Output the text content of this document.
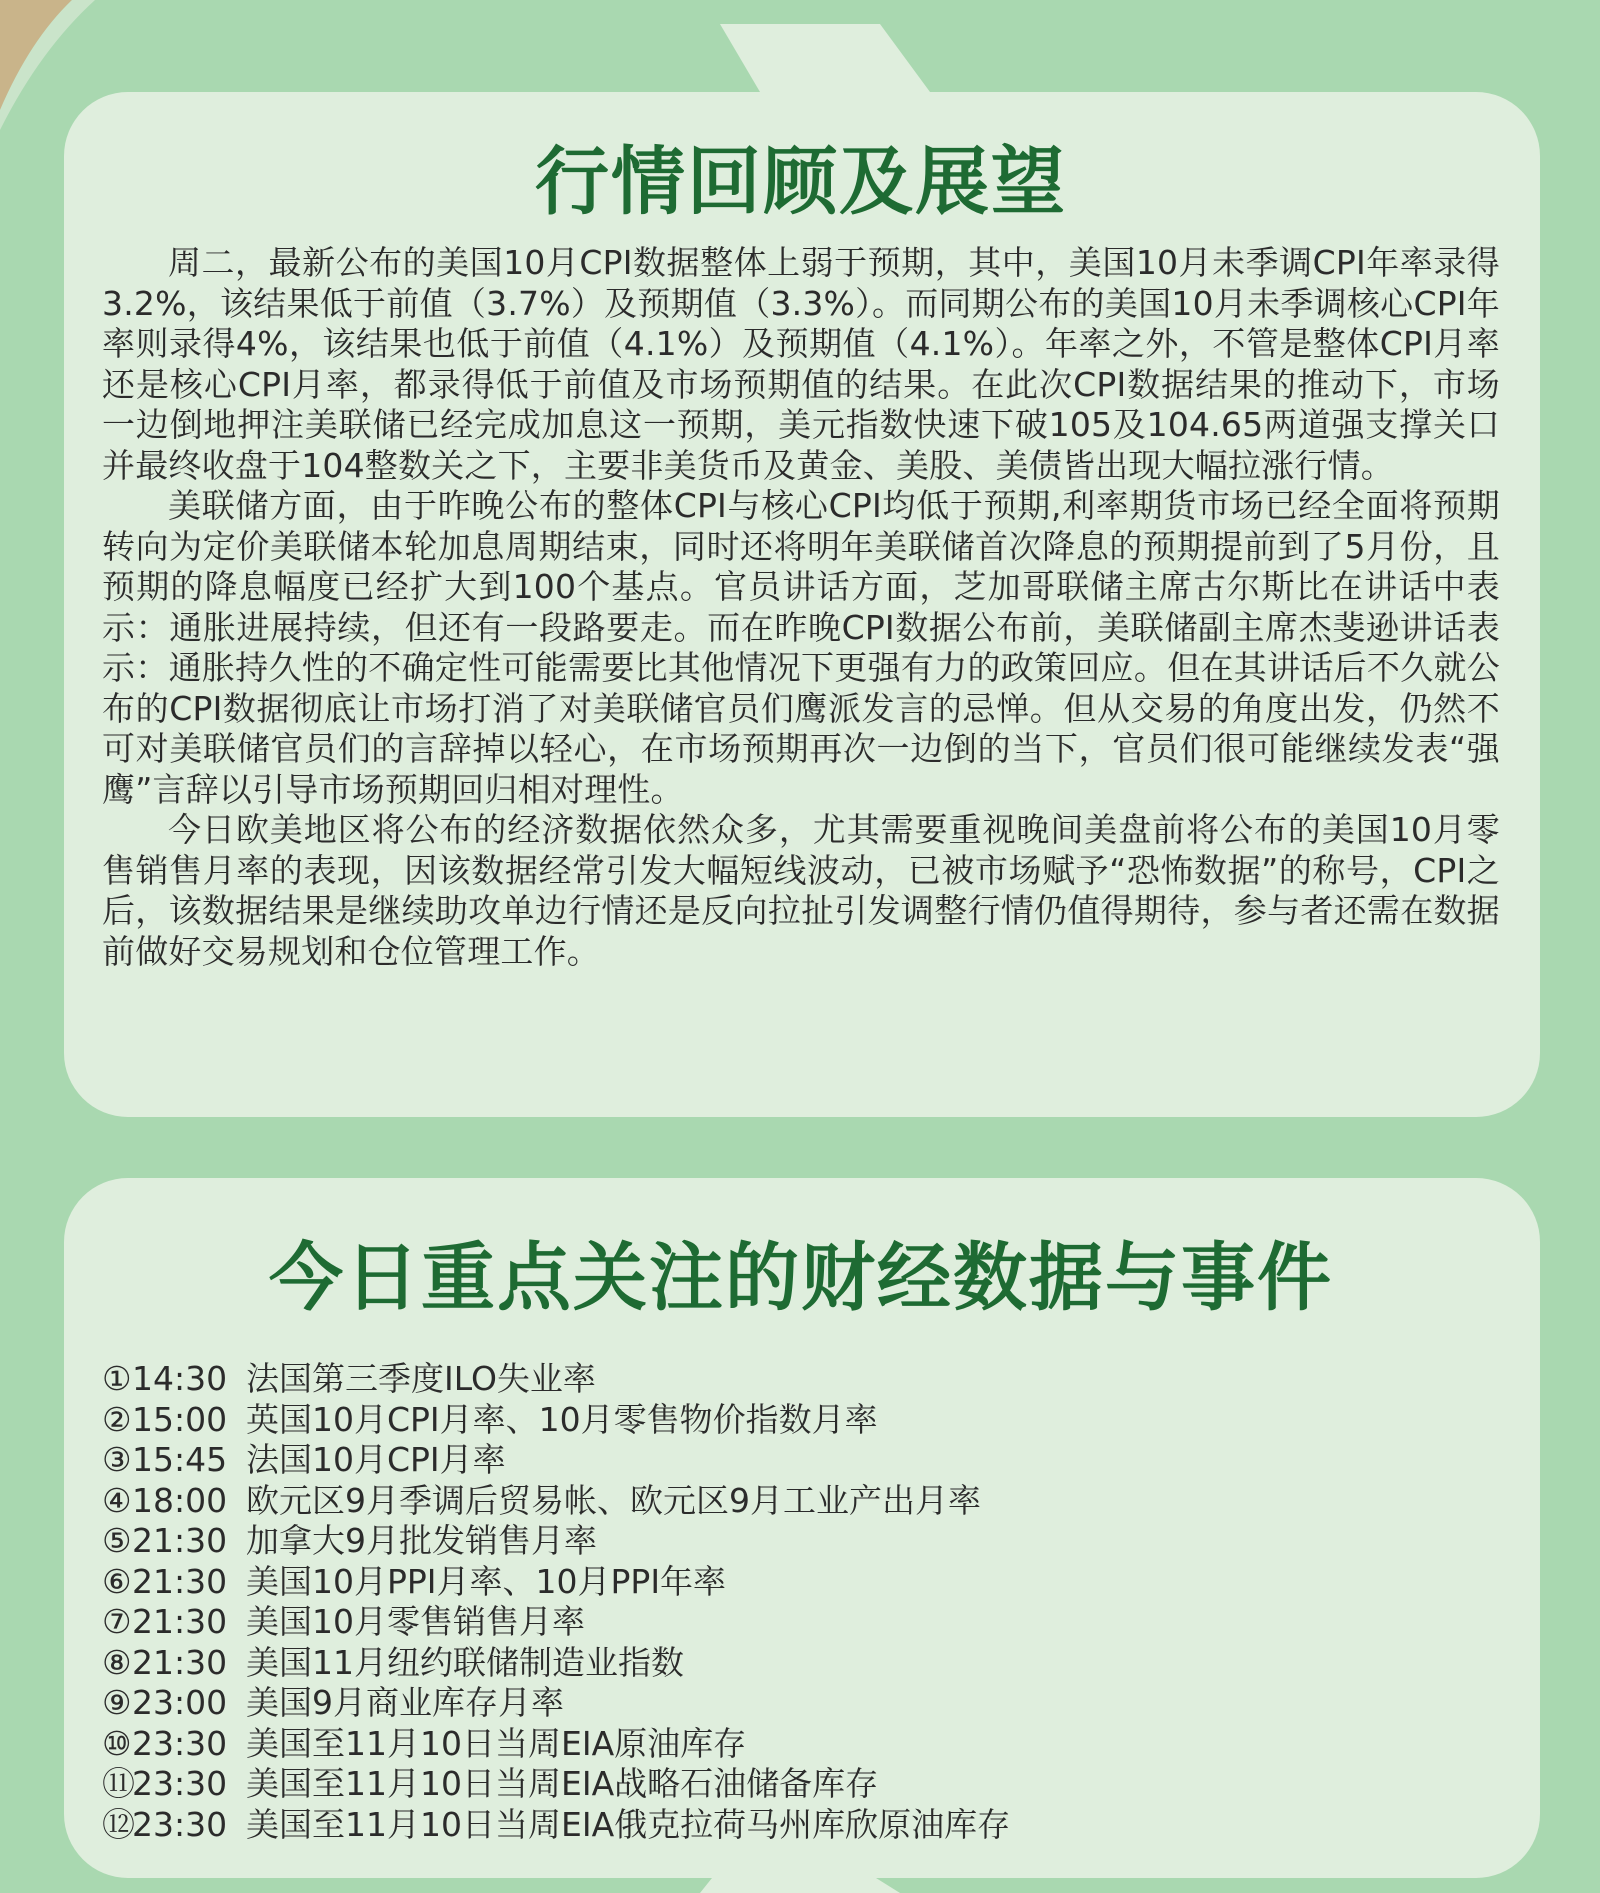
行情回顾及展望

周二，最新公布的美国10月CPI数据整体上弱于预期，其中，美国10月未季调CPI年率录得3.2%，该结果低于前值（3.7%）及预期值（3.3%）。而同期公布的美国10月未季调核心CPI年率则录得4%，该结果也低于前值（4.1%）及预期值（4.1%）。年率之外，不管是整体CPI月率还是核心CPI月率，都录得低于前值及市场预期值的结果。在此次CPI数据结果的推动下，市场一边倒地押注美联储已经完成加息这一预期，美元指数快速下破105及104.65两道强支撑关口并最终收盘于104整数关之下，主要非美货币及黄金、美股、美债皆出现大幅拉涨行情。

美联储方面，由于昨晚公布的整体CPI与核心CPI均低于预期,利率期货市场已经全面将预期转向为定价美联储本轮加息周期结束，同时还将明年美联储首次降息的预期提前到了5月份，且预期的降息幅度已经扩大到100个基点。官员讲话方面，芝加哥联储主席古尔斯比在讲话中表示：通胀进展持续，但还有一段路要走。而在昨晚CPI数据公布前，美联储副主席杰斐逊讲话表示：通胀持久性的不确定性可能需要比其他情况下更强有力的政策回应。但在其讲话后不久就公布的CPI数据彻底让市场打消了对美联储官员们鹰派发言的忌惮。但从交易的角度出发，仍然不可对美联储官员们的言辞掉以轻心，在市场预期再次一边倒的当下，官员们很可能继续发表“强鹰”言辞以引导市场预期回归相对理性。

今日欧美地区将公布的经济数据依然众多，尤其需要重视晚间美盘前将公布的美国10月零售销售月率的表现，因该数据经常引发大幅短线波动，已被市场赋予“恐怖数据”的称号，CPI之后，该数据结果是继续助攻单边行情还是反向拉扯引发调整行情仍值得期待，参与者还需在数据前做好交易规划和仓位管理工作。

今日重点关注的财经数据与事件
①14:30 法国第三季度ILO失业率
②15:00 英国10月CPI月率、10月零售物价指数月率
③15:45 法国10月CPI月率
④18:00 欧元区9月季调后贸易帐、欧元区9月工业产出月率
⑤21:30 加拿大9月批发销售月率
⑥21:30 美国10月PPI月率、10月PPI年率
⑦21:30 美国10月零售销售月率
⑧21:30 美国11月纽约联储制造业指数
⑨23:00 美国9月商业库存月率
⑩23:30 美国至11月10日当周EIA原油库存
⑪23:30 美国至11月10日当周EIA战略石油储备库存
⑫23:30 美国至11月10日当周EIA俄克拉荷马州库欣原油库存
